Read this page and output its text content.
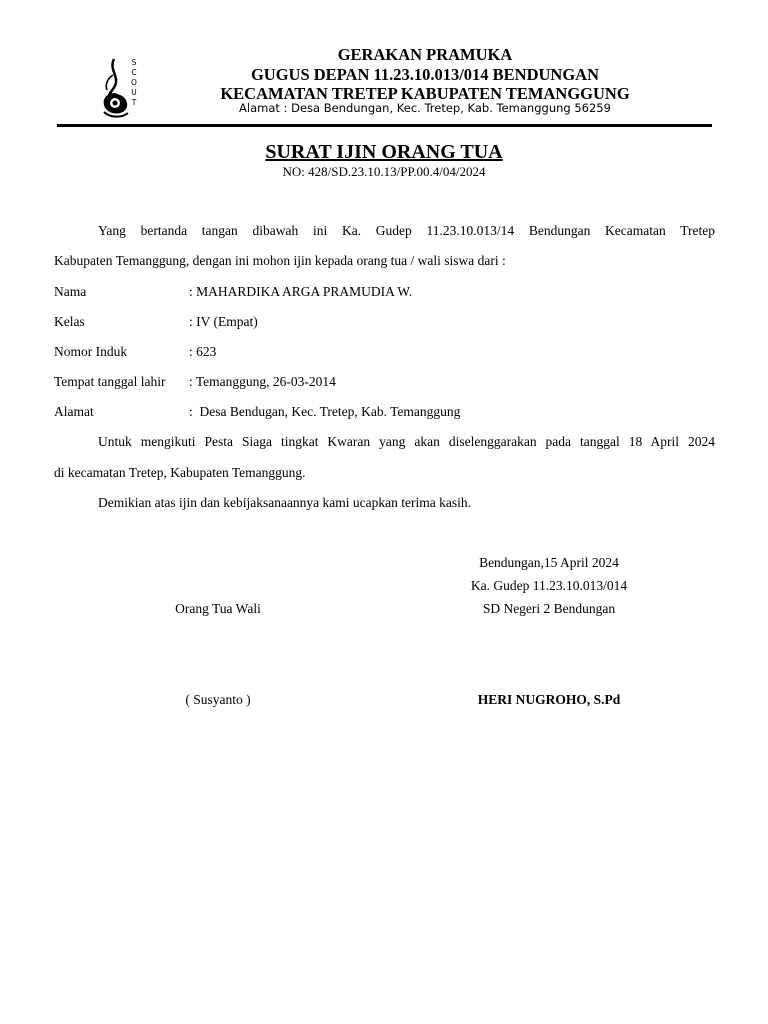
S
C
O
U
T
GERAKAN PRAMUKA
GUGUS DEPAN 11.23.10.013/014 BENDUNGAN
KECAMATAN TRETEP KABUPATEN TEMANGGUNG
Alamat : Desa Bendungan, Kec. Tretep, Kab. Temanggung 56259
SURAT IJIN ORANG TUA
NO: 428/SD.23.10.13/PP.00.4/04/2024
Yang bertanda tangan dibawah ini Ka. Gudep 11.23.10.013/14 Bendungan Kecamatan Tretep
Kabupaten Temanggung, dengan ini mohon ijin kepada orang tua / wali siswa dari :
Nama	: MAHARDIKA ARGA PRAMUDIA W.
Kelas	: IV (Empat)
Nomor Induk	: 623
Tempat tanggal lahir : Temanggung, 26-03-2014
Alamat	:  Desa Bendugan, Kec. Tretep, Kab. Temanggung
Untuk mengikuti Pesta Siaga tingkat Kwaran yang akan diselenggarakan pada tanggal 18 April 2024
di kecamatan Tretep, Kabupaten Temanggung.
Demikian atas ijin dan kebijaksanaannya kami ucapkan terima kasih.
Bendungan,15 April 2024
Ka. Gudep 11.23.10.013/014
SD Negeri 2 Bendungan
Orang Tua Wali
( Susyanto )	HERI NUGROHO, S.Pd
